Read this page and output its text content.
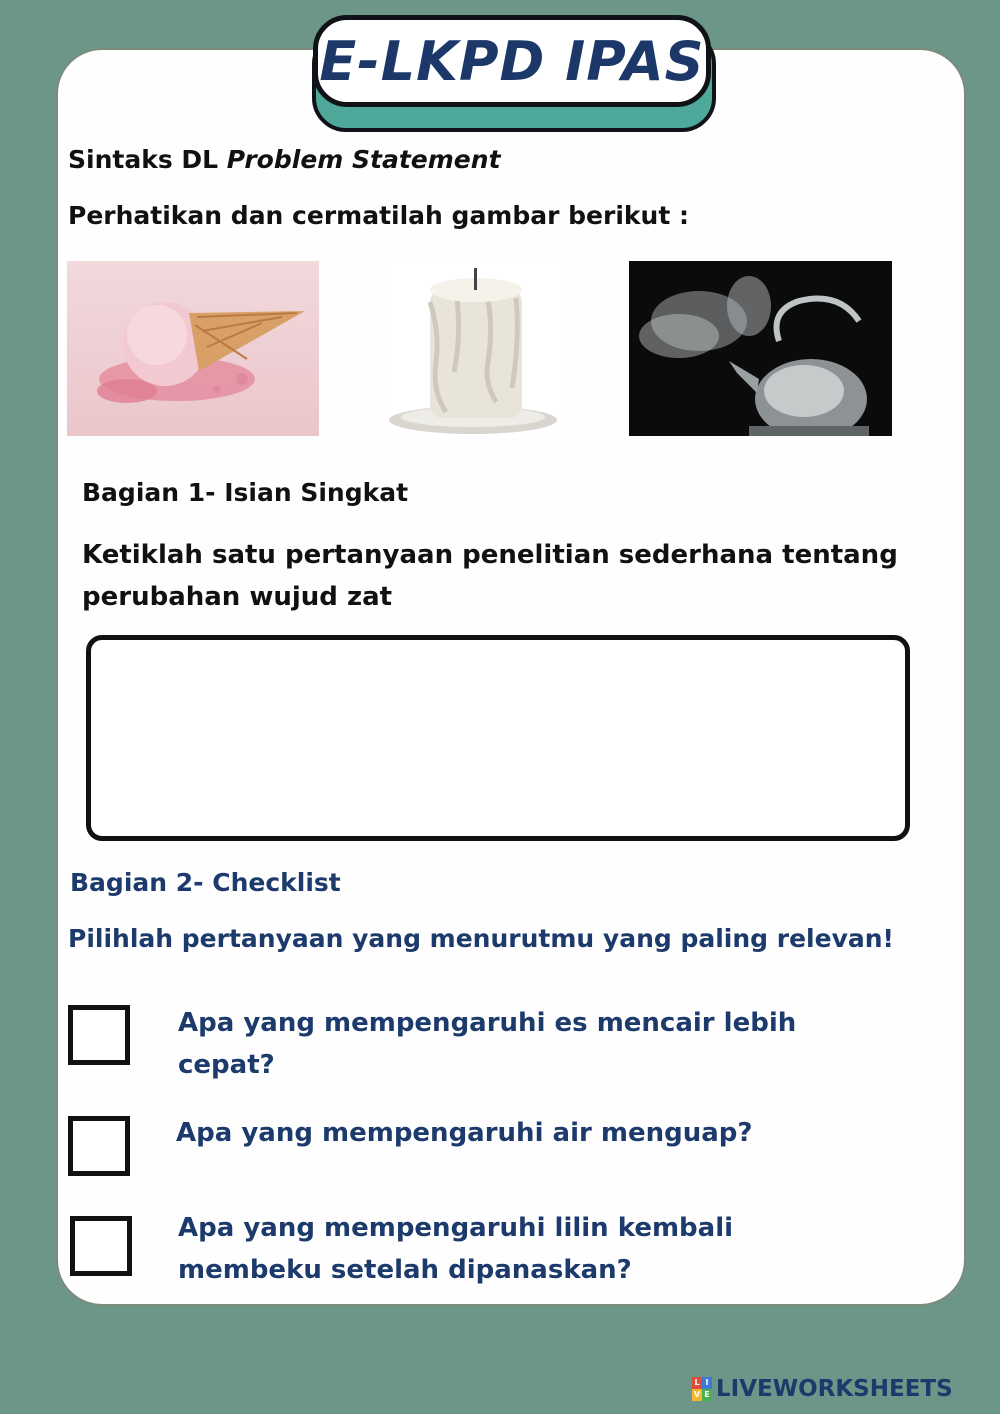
E-LKPD IPAS
Sintaks DL Problem Statement
Perhatikan dan cermatilah gambar berikut :
Bagian 1- Isian Singkat
Ketiklah satu pertanyaan penelitian sederhana tentang
perubahan wujud zat
Bagian 2- Checklist
Pilihlah pertanyaan yang menurutmu yang paling relevan!
Apa yang mempengaruhi es mencair lebih
cepat?
Apa yang mempengaruhi air menguap?
Apa yang mempengaruhi lilin kembali
membeku setelah dipanaskan?
L I
V E LIVEWORKSHEETS
